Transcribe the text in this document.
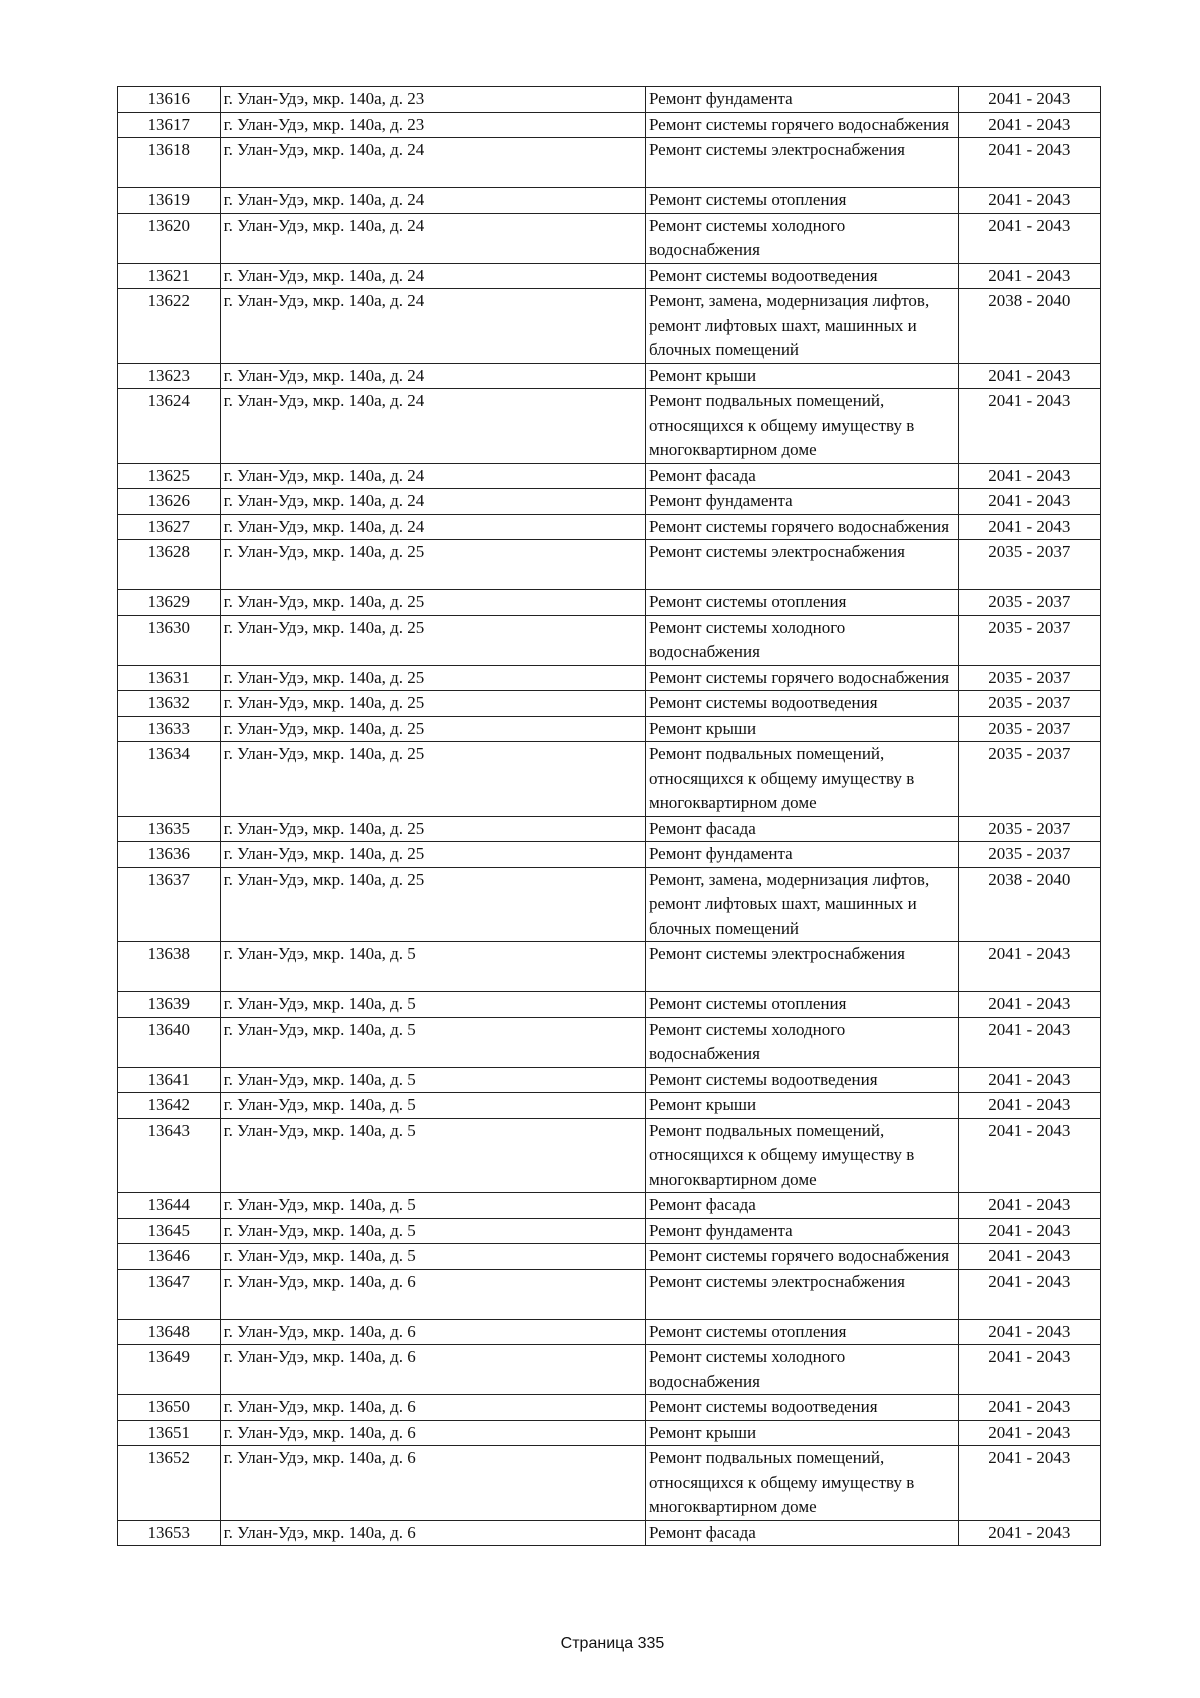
13616	г. Улан-Удэ, мкр. 140а, д. 23	Ремонт фундамента	2041 - 2043
13617	г. Улан-Удэ, мкр. 140а, д. 23	Ремонт системы горячего водоснабжения	2041 - 2043
13618	г. Улан-Удэ, мкр. 140а, д. 24	Ремонт системы электроснабжения	2041 - 2043
13619	г. Улан-Удэ, мкр. 140а, д. 24	Ремонт системы отопления	2041 - 2043
13620	г. Улан-Удэ, мкр. 140а, д. 24	Ремонт системы холодного водоснабжения	2041 - 2043
13621	г. Улан-Удэ, мкр. 140а, д. 24	Ремонт системы водоотведения	2041 - 2043
13622	г. Улан-Удэ, мкр. 140а, д. 24	Ремонт, замена, модернизация лифтов, ремонт лифтовых шахт, машинных и блочных помещений	2038 - 2040
13623	г. Улан-Удэ, мкр. 140а, д. 24	Ремонт крыши	2041 - 2043
13624	г. Улан-Удэ, мкр. 140а, д. 24	Ремонт подвальных помещений, относящихся к общему имуществу в многоквартирном доме	2041 - 2043
13625	г. Улан-Удэ, мкр. 140а, д. 24	Ремонт фасада	2041 - 2043
13626	г. Улан-Удэ, мкр. 140а, д. 24	Ремонт фундамента	2041 - 2043
13627	г. Улан-Удэ, мкр. 140а, д. 24	Ремонт системы горячего водоснабжения	2041 - 2043
13628	г. Улан-Удэ, мкр. 140а, д. 25	Ремонт системы электроснабжения	2035 - 2037
13629	г. Улан-Удэ, мкр. 140а, д. 25	Ремонт системы отопления	2035 - 2037
13630	г. Улан-Удэ, мкр. 140а, д. 25	Ремонт системы холодного водоснабжения	2035 - 2037
13631	г. Улан-Удэ, мкр. 140а, д. 25	Ремонт системы горячего водоснабжения	2035 - 2037
13632	г. Улан-Удэ, мкр. 140а, д. 25	Ремонт системы водоотведения	2035 - 2037
13633	г. Улан-Удэ, мкр. 140а, д. 25	Ремонт крыши	2035 - 2037
13634	г. Улан-Удэ, мкр. 140а, д. 25	Ремонт подвальных помещений, относящихся к общему имуществу в многоквартирном доме	2035 - 2037
13635	г. Улан-Удэ, мкр. 140а, д. 25	Ремонт фасада	2035 - 2037
13636	г. Улан-Удэ, мкр. 140а, д. 25	Ремонт фундамента	2035 - 2037
13637	г. Улан-Удэ, мкр. 140а, д. 25	Ремонт, замена, модернизация лифтов, ремонт лифтовых шахт, машинных и блочных помещений	2038 - 2040
13638	г. Улан-Удэ, мкр. 140а, д. 5	Ремонт системы электроснабжения	2041 - 2043
13639	г. Улан-Удэ, мкр. 140а, д. 5	Ремонт системы отопления	2041 - 2043
13640	г. Улан-Удэ, мкр. 140а, д. 5	Ремонт системы холодного водоснабжения	2041 - 2043
13641	г. Улан-Удэ, мкр. 140а, д. 5	Ремонт системы водоотведения	2041 - 2043
13642	г. Улан-Удэ, мкр. 140а, д. 5	Ремонт крыши	2041 - 2043
13643	г. Улан-Удэ, мкр. 140а, д. 5	Ремонт подвальных помещений, относящихся к общему имуществу в многоквартирном доме	2041 - 2043
13644	г. Улан-Удэ, мкр. 140а, д. 5	Ремонт фасада	2041 - 2043
13645	г. Улан-Удэ, мкр. 140а, д. 5	Ремонт фундамента	2041 - 2043
13646	г. Улан-Удэ, мкр. 140а, д. 5	Ремонт системы горячего водоснабжения	2041 - 2043
13647	г. Улан-Удэ, мкр. 140а, д. 6	Ремонт системы электроснабжения	2041 - 2043
13648	г. Улан-Удэ, мкр. 140а, д. 6	Ремонт системы отопления	2041 - 2043
13649	г. Улан-Удэ, мкр. 140а, д. 6	Ремонт системы холодного водоснабжения	2041 - 2043
13650	г. Улан-Удэ, мкр. 140а, д. 6	Ремонт системы водоотведения	2041 - 2043
13651	г. Улан-Удэ, мкр. 140а, д. 6	Ремонт крыши	2041 - 2043
13652	г. Улан-Удэ, мкр. 140а, д. 6	Ремонт подвальных помещений, относящихся к общему имуществу в многоквартирном доме	2041 - 2043
13653	г. Улан-Удэ, мкр. 140а, д. 6	Ремонт фасада	2041 - 2043
Страница 335
